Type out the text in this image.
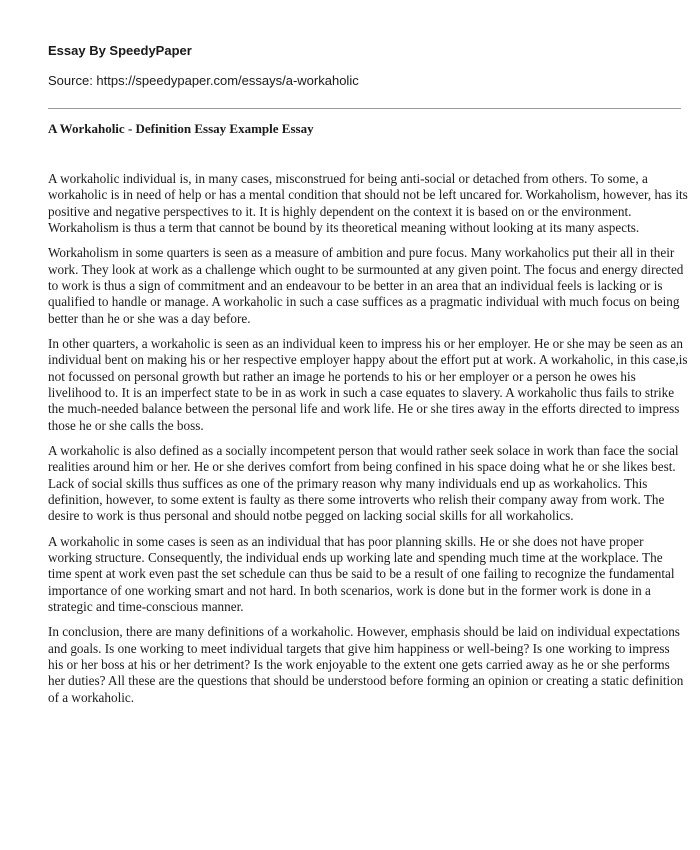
Essay By SpeedyPaper

Source: https://speedypaper.com/essays/a-workaholic

A Workaholic - Definition Essay Example Essay

A workaholic individual is, in many cases, misconstrued for being anti-social or detached from others. To some, a workaholic is in need of help or has a mental condition that should not be left uncared for. Workaholism, however, has its positive and negative perspectives to it. It is highly dependent on the context it is based on or the environment. Workaholism is thus a term that cannot be bound by its theoretical meaning without looking at its many aspects.

Workaholism in some quarters is seen as a measure of ambition and pure focus. Many workaholics put their all in their work. They look at work as a challenge which ought to be surmounted at any given point. The focus and energy directed to work is thus a sign of commitment and an endeavour to be better in an area that an individual feels is lacking or is qualified to handle or manage. A workaholic in such a case suffices as a pragmatic individual with much focus on being better than he or she was a day before.

In other quarters, a workaholic is seen as an individual keen to impress his or her employer. He or she may be seen as an individual bent on making his or her respective employer happy about the effort put at work. A workaholic, in this case,is not focussed on personal growth but rather an image he portends to his or her employer or a person he owes his livelihood to. It is an imperfect state to be in as work in such a case equates to slavery. A workaholic thus fails to strike the much-needed balance between the personal life and work life. He or she tires away in the efforts directed to impress those he or she calls the boss.

A workaholic is also defined as a socially incompetent person that would rather seek solace in work than face the social realities around him or her. He or she derives comfort from being confined in his space doing what he or she likes best. Lack of social skills thus suffices as one of the primary reason why many individuals end up as workaholics. This definition, however, to some extent is faulty as there some introverts who relish their company away from work. The desire to work is thus personal and should notbe pegged on lacking social skills for all workaholics.

A workaholic in some cases is seen as an individual that has poor planning skills. He or she does not have proper working structure. Consequently, the individual ends up working late and spending much time at the workplace. The time spent at work even past the set schedule can thus be said to be a result of one failing to recognize the fundamental importance of one working smart and not hard. In both scenarios, work is done but in the former work is done in a strategic and time-conscious manner.

In conclusion, there are many definitions of a workaholic. However, emphasis should be laid on individual expectations and goals. Is one working to meet individual targets that give him happiness or well-being? Is one working to impress his or her boss at his or her detriment? Is the work enjoyable to the extent one gets carried away as he or she performs her duties? All these are the questions that should be understood before forming an opinion or creating a static definition of a workaholic.
